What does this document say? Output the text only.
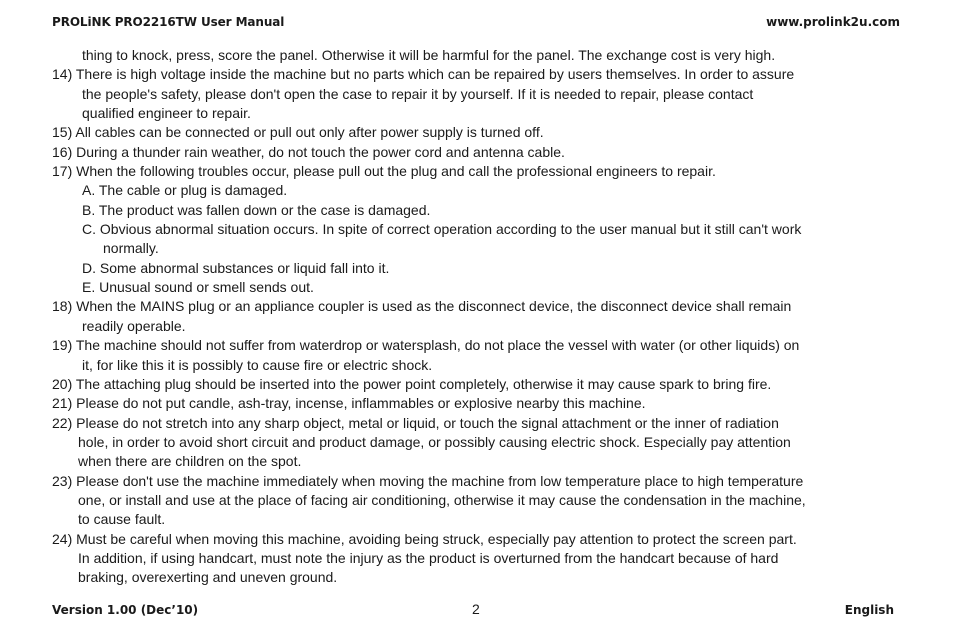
PROLiNK PRO2216TW User Manual	www.prolink2u.com
thing to knock, press, score the panel. Otherwise it will be harmful for the panel. The exchange cost is very high.
14) There is high voltage inside the machine but no parts which can be repaired by users themselves. In order to assure
the people's safety, please don't open the case to repair it by yourself. If it is needed to repair, please contact
qualified engineer to repair.
15) All cables can be connected or pull out only after power supply is turned off.
16) During a thunder rain weather, do not touch the power cord and antenna cable.
17) When the following troubles occur, please pull out the plug and call the professional engineers to repair.
A. The cable or plug is damaged.
B. The product was fallen down or the case is damaged.
C. Obvious abnormal situation occurs. In spite of correct operation according to the user manual but it still can't work
normally.
D. Some abnormal substances or liquid fall into it.
E. Unusual sound or smell sends out.
18) When the MAINS plug or an appliance coupler is used as the disconnect device, the disconnect device shall remain
readily operable.
19) The machine should not suffer from waterdrop or watersplash, do not place the vessel with water (or other liquids) on
it, for like this it is possibly to cause fire or electric shock.
20) The attaching plug should be inserted into the power point completely, otherwise it may cause spark to bring fire.
21) Please do not put candle, ash-tray, incense, inflammables or explosive nearby this machine.
22) Please do not stretch into any sharp object, metal or liquid, or touch the signal attachment or the inner of radiation
hole, in order to avoid short circuit and product damage, or possibly causing electric shock. Especially pay attention
when there are children on the spot.
23) Please don't use the machine immediately when moving the machine from low temperature place to high temperature
one, or install and use at the place of facing air conditioning, otherwise it may cause the condensation in the machine,
to cause fault.
24) Must be careful when moving this machine, avoiding being struck, especially pay attention to protect the screen part.
In addition, if using handcart, must note the injury as the product is overturned from the handcart because of hard
braking, overexerting and uneven ground.
Version 1.00 (Dec’10)	2	English
